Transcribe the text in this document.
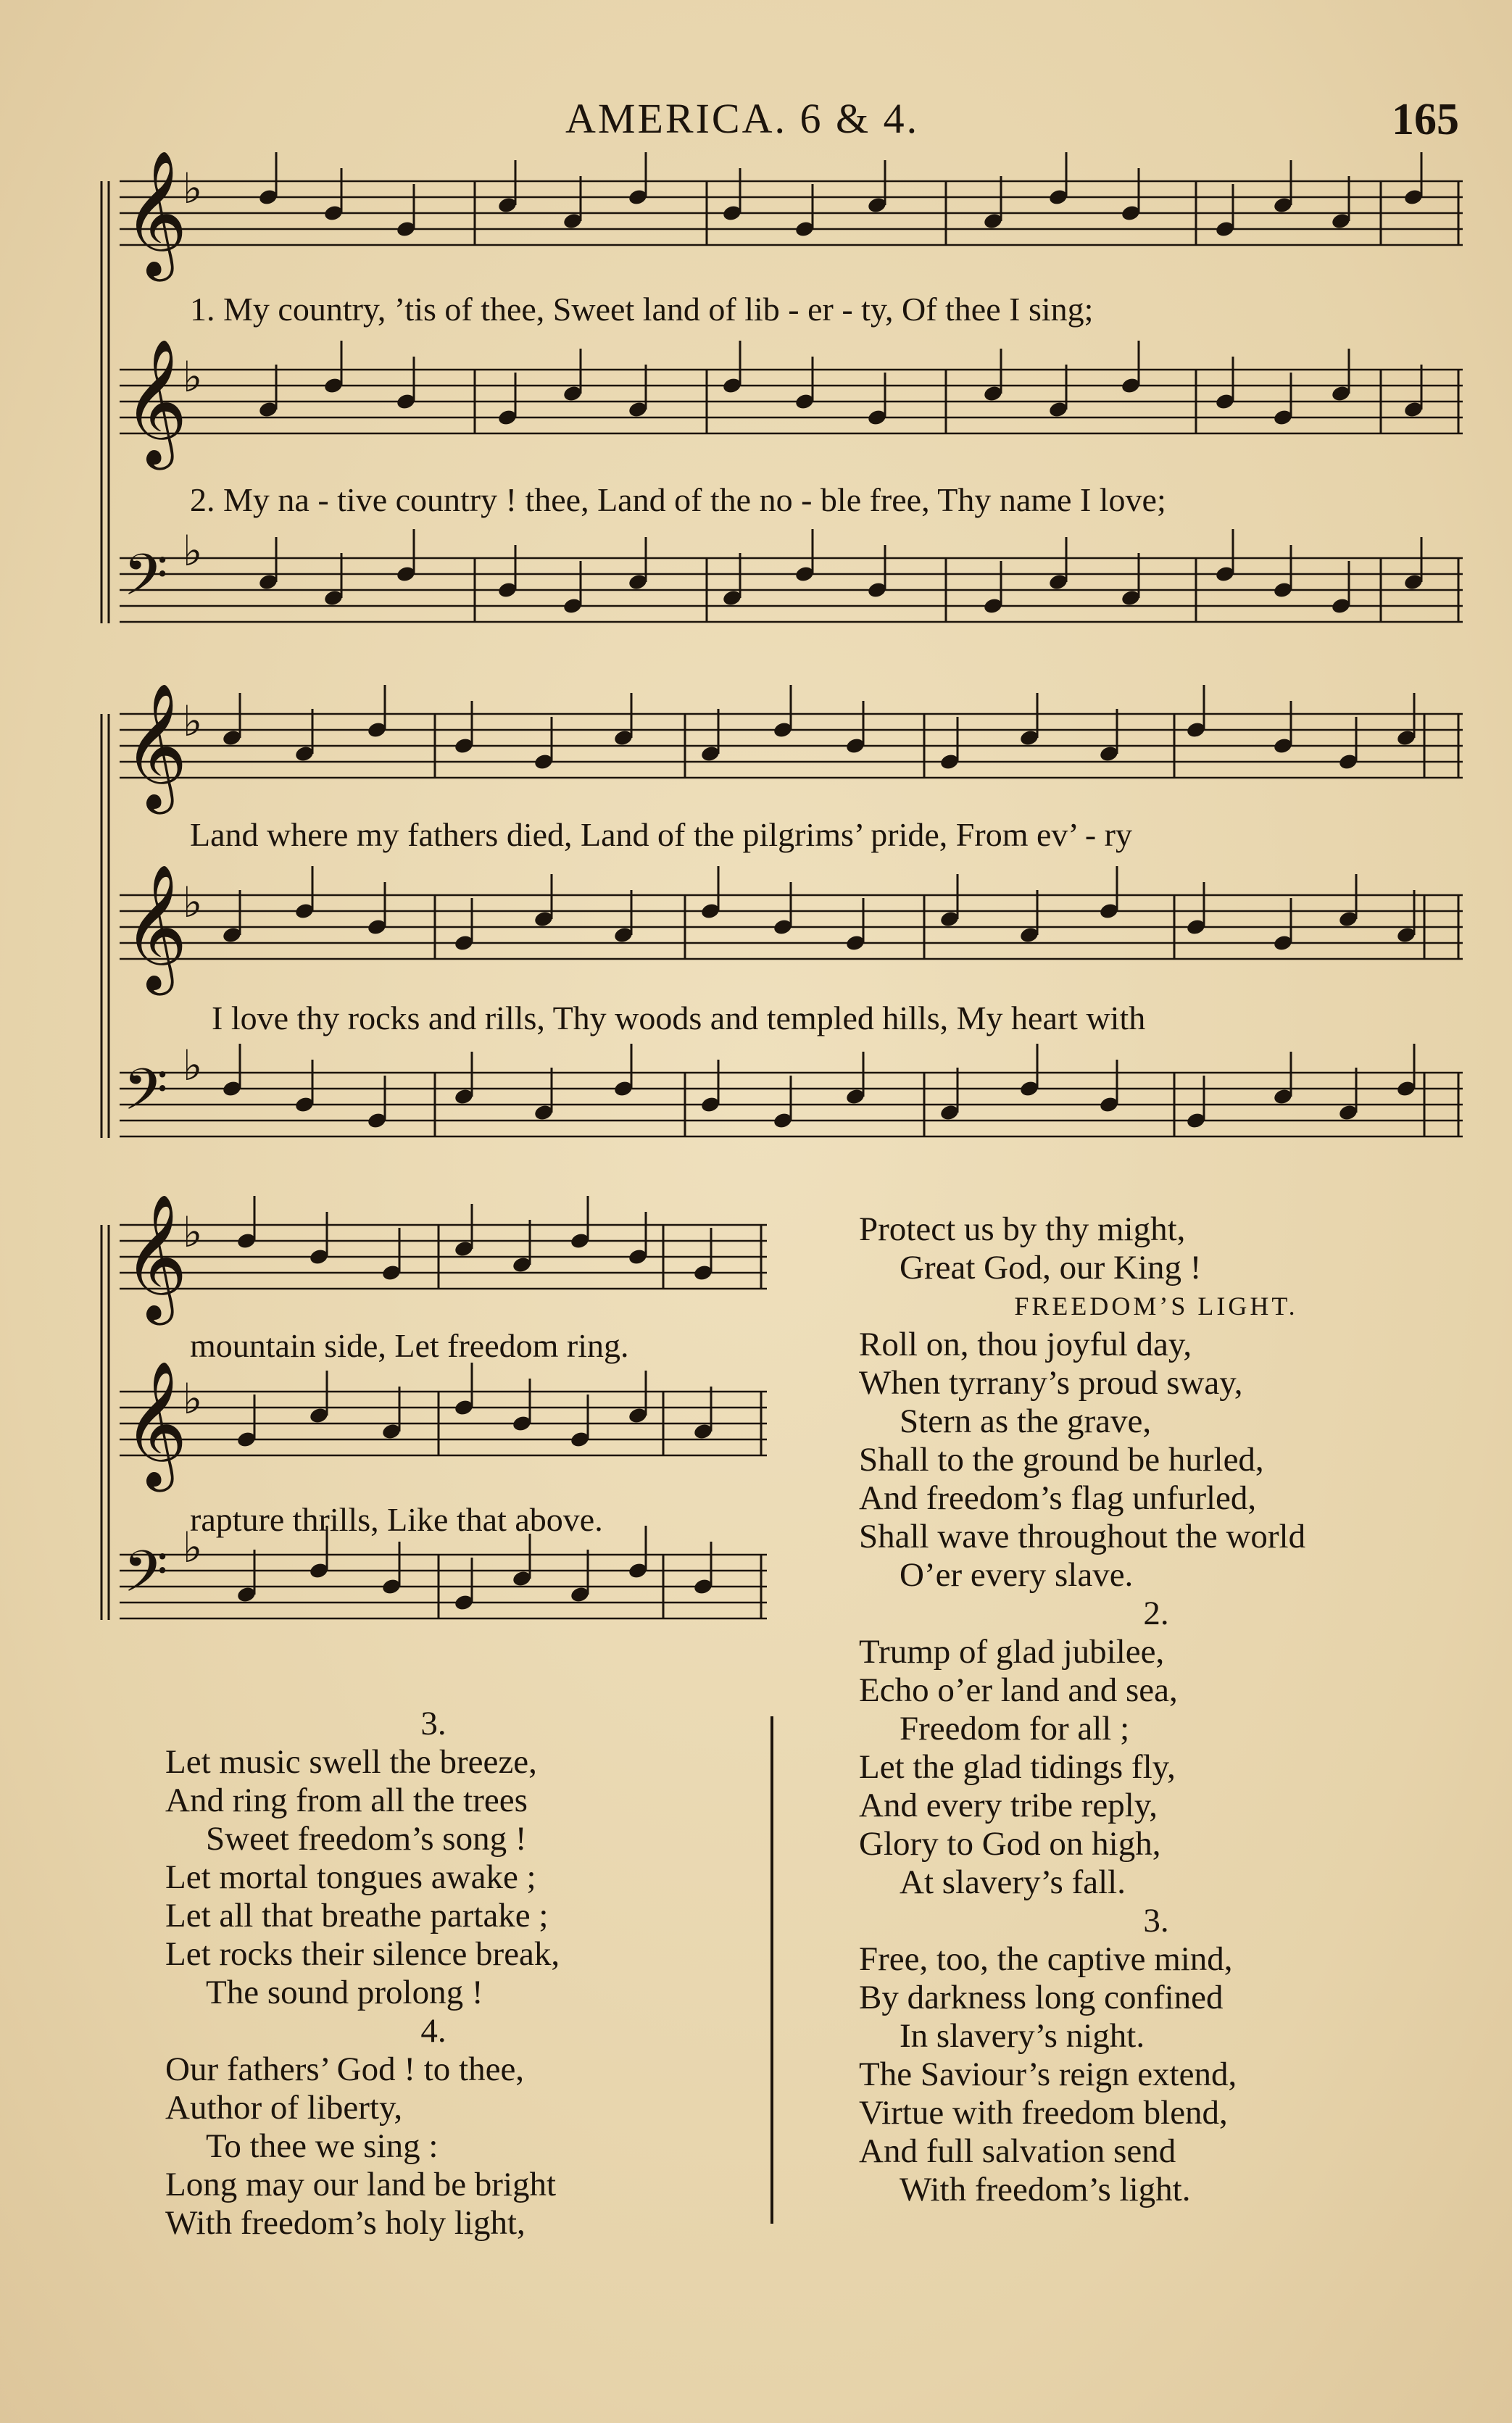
AMERICA. 6 & 4.	165
𝄞
♭
𝄞
♭
𝄢 ♭
𝄞
♭
𝄞
♭
𝄢 ♭
𝄞
♭
𝄞
♭
𝄢 ♭
1. My country, ’tis of thee, Sweet land of lib - er - ty, Of thee I sing;
2. My na - tive country ! thee, Land of the no - ble free, Thy name I love;
Land where my fathers died, Land of the pilgrims’ pride, From ev’ - ry
I love thy rocks and rills, Thy woods and templed hills, My heart with
mountain side, Let freedom ring.
rapture thrills, Like that above.
3.
Let music swell the breeze,
And ring from all the trees
Sweet freedom’s song !
Let mortal tongues awake ;
Let all that breathe partake ;
Let rocks their silence break,
The sound prolong !
4.
Our fathers’ God ! to thee,
Author of liberty,
To thee we sing :
Long may our land be bright
With freedom’s holy light,
Protect us by thy might,
Great God, our King !
FREEDOM’S LIGHT.
Roll on, thou joyful day,
When tyrrany’s proud sway,
Stern as the grave,
Shall to the ground be hurled,
And freedom’s flag unfurled,
Shall wave throughout the world
O’er every slave.
2.
Trump of glad jubilee,
Echo o’er land and sea,
Freedom for all ;
Let the glad tidings fly,
And every tribe reply,
Glory to God on high,
At slavery’s fall.
3.
Free, too, the captive mind,
By darkness long confined
In slavery’s night.
The Saviour’s reign extend,
Virtue with freedom blend,
And full salvation send
With freedom’s light.
